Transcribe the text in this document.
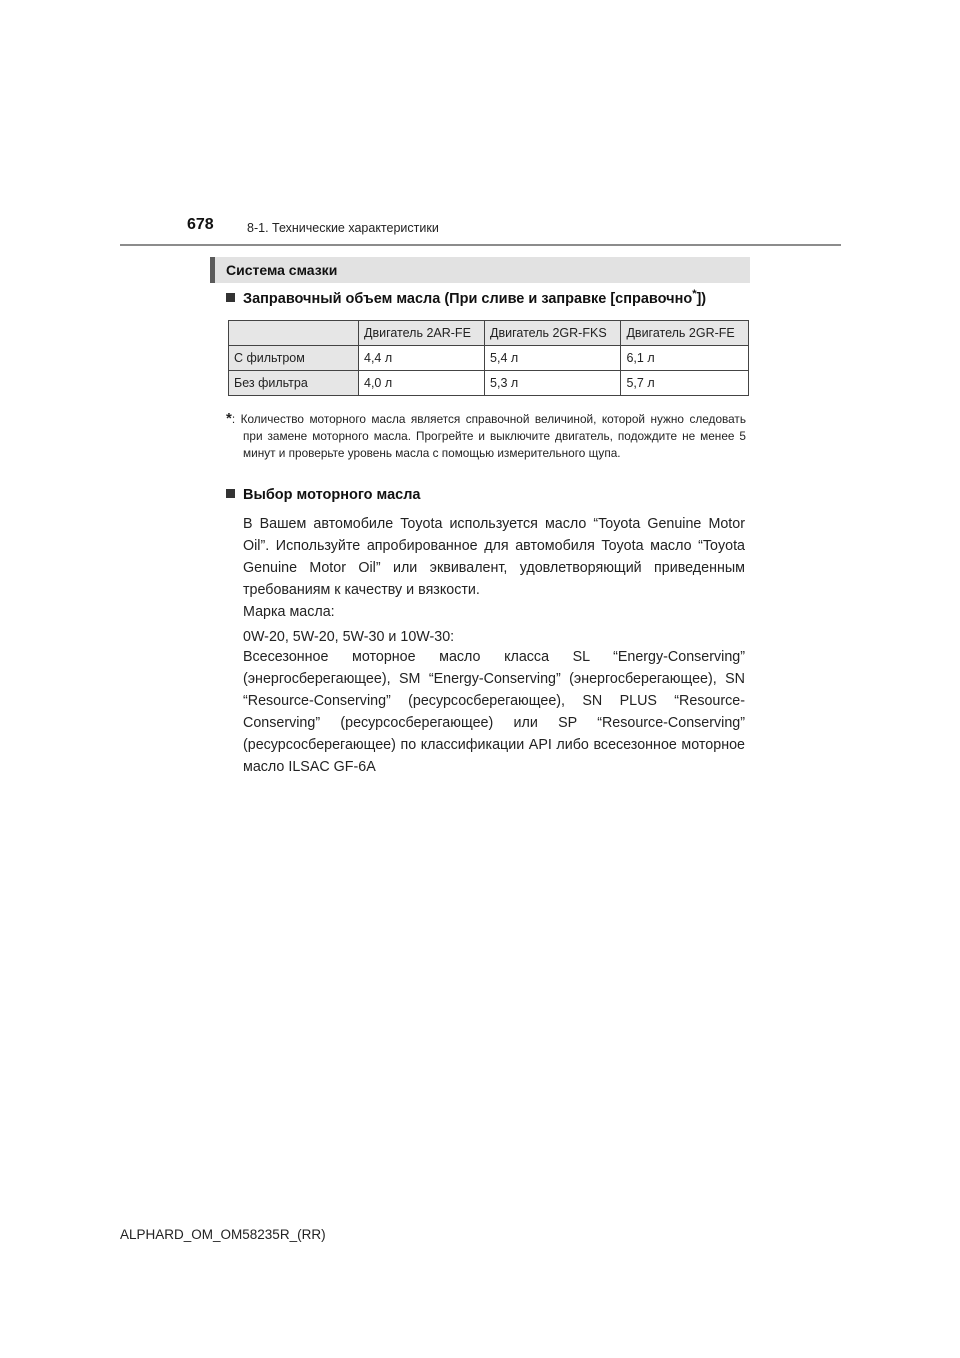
678	8-1. Технические характеристики
Система смазки
Заправочный объем масла (При сливе и заправке [справочно*])
	Двигатель 2AR-FE	Двигатель 2GR-FKS	Двигатель 2GR-FE
С фильтром	4,4 л	5,4 л	6,1 л
Без фильтра	4,0 л	5,3 л	5,7 л
*: Количество моторного масла является справочной величиной, которой нужно следовать при замене моторного масла. Прогрейте и выключите двигатель, подождите не менее 5 минут и проверьте уровень масла с помощью измерительного щупа.
Выбор моторного масла
В Вашем автомобиле Toyota используется масло “Toyota Genuine Motor Oil”. Используйте апробированное для автомобиля Toyota масло “Toyota Genuine Motor Oil” или эквивалент, удовлетворяющий приведенным требованиям к качеству и вязкости.
Марка масла:
0W-20, 5W-20, 5W-30 и 10W-30:
Всесезонное моторное масло класса SL “Energy-Conserving” (энергосберегающее), SM “Energy-Conserving” (энергосберегающее), SN “Resource-Conserving” (ресурсосберегающее), SN PLUS “Resource-Conserving” (ресурсосберегающее) или SP “Resource-Conserving” (ресурсосберегающее) по классификации API либо всесезонное моторное масло ILSAC GF-6A
ALPHARD_OM_OM58235R_(RR)
